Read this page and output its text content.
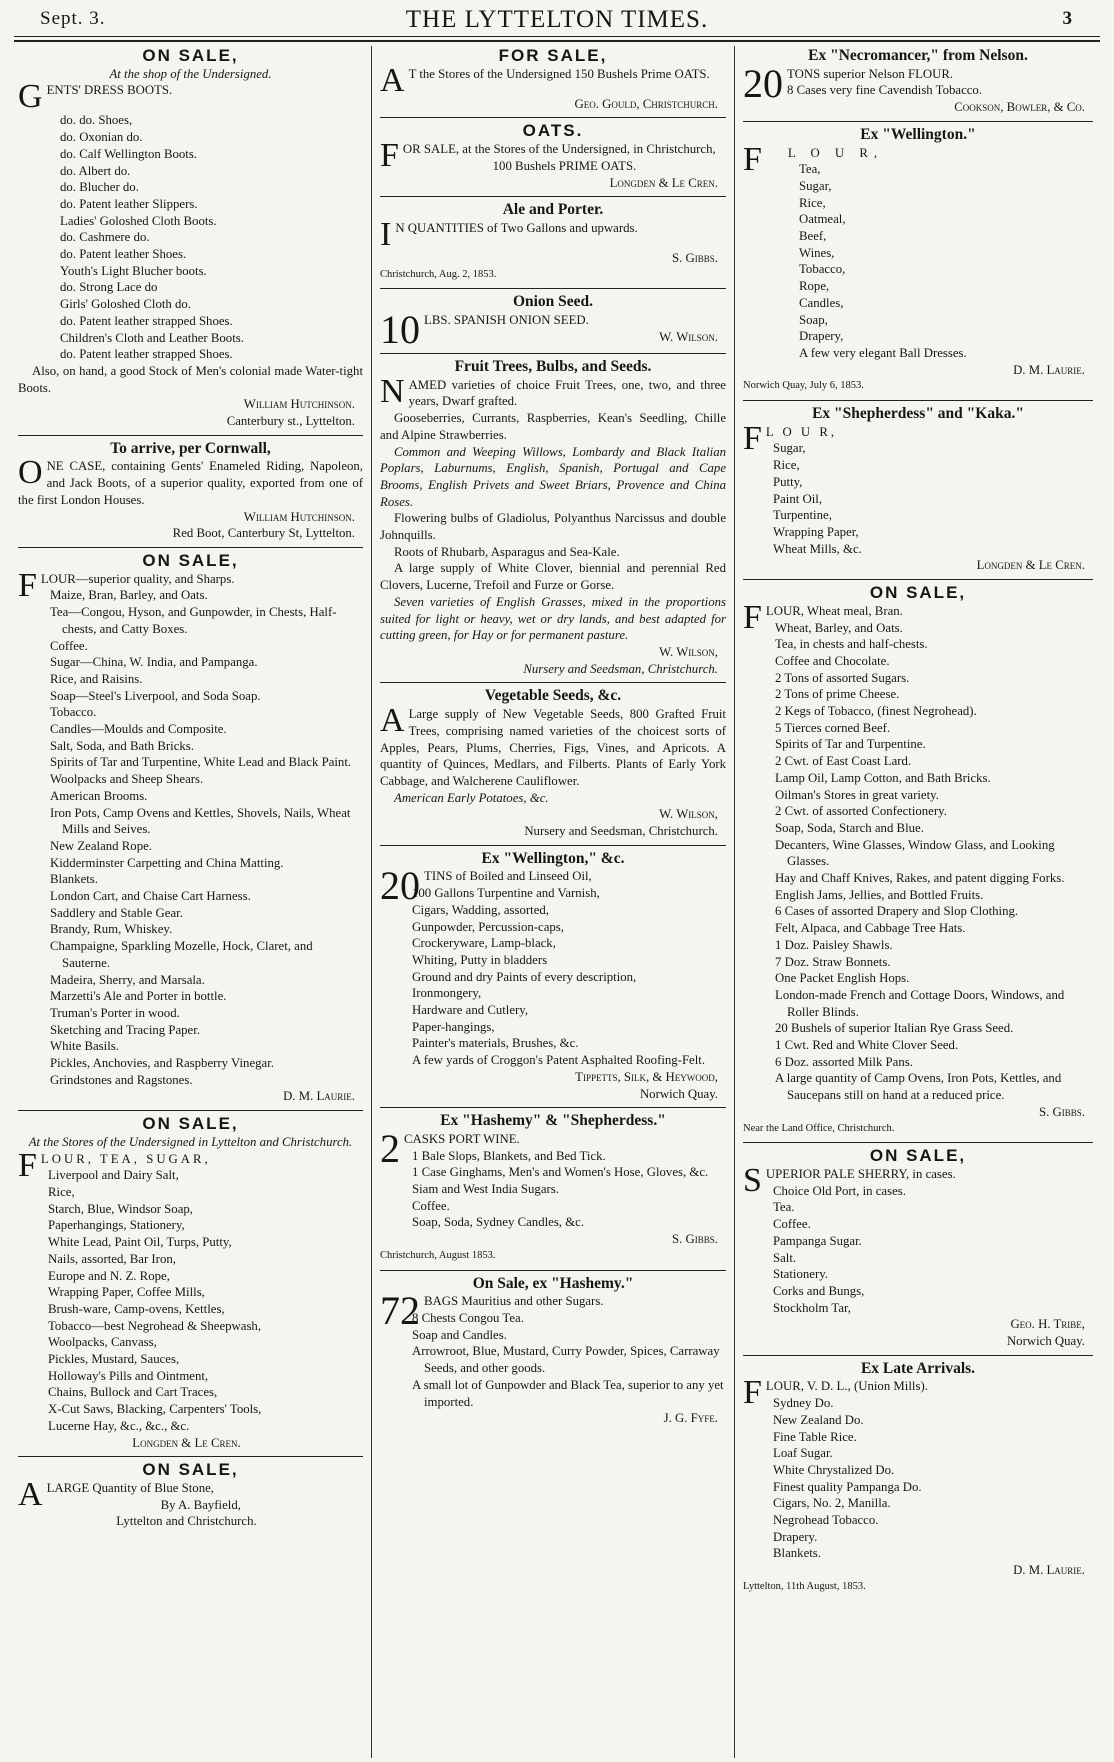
Sept. 3.	THE LYTTELTON TIMES.	3
ON SALE,

At the shop of the Undersigned.

GENTS' DRESS BOOTS.

do. do. Shoes,

do. Oxonian do.

do. Calf Wellington Boots.

do. Albert do.

do. Blucher do.

do. Patent leather Slippers.

Ladies' Goloshed Cloth Boots.

do. Cashmere do.

do. Patent leather Shoes.

Youth's Light Blucher boots.

do. Strong Lace do

Girls' Goloshed Cloth do.

do. Patent leather strapped Shoes.

Children's Cloth and Leather Boots.

do. Patent leather strapped Shoes.

Also, on hand, a good Stock of Men's colonial made Water-tight Boots.

William Hutchinson.

Canterbury st., Lyttelton.

To arrive, per Cornwall,

ONE CASE, containing Gents' Enameled Riding, Napoleon, and Jack Boots, of a superior quality, exported from one of the first London Houses.

William Hutchinson.

Red Boot, Canterbury St, Lyttelton.

ON SALE,

FLOUR—superior quality, and Sharps.

Maize, Bran, Barley, and Oats.

Tea—Congou, Hyson, and Gunpowder, in Chests, Half-chests, and Catty Boxes.

Coffee.

Sugar—China, W. India, and Pampanga.

Rice, and Raisins.

Soap—Steel's Liverpool, and Soda Soap.

Tobacco.

Candles—Moulds and Composite.

Salt, Soda, and Bath Bricks.

Spirits of Tar and Turpentine, White Lead and Black Paint.

Woolpacks and Sheep Shears.

American Brooms.

Iron Pots, Camp Ovens and Kettles, Shovels, Nails, Wheat Mills and Seives.

New Zealand Rope.

Kidderminster Carpetting and China Matting.

Blankets.

London Cart, and Chaise Cart Harness.

Saddlery and Stable Gear.

Brandy, Rum, Whiskey.

Champaigne, Sparkling Mozelle, Hock, Claret, and Sauterne.

Madeira, Sherry, and Marsala.

Marzetti's Ale and Porter in bottle.

Truman's Porter in wood.

Sketching and Tracing Paper.

White Basils.

Pickles, Anchovies, and Raspberry Vinegar.

Grindstones and Ragstones.

D. M. Laurie.

ON SALE,

At the Stores of the Undersigned in Lyttelton and Christchurch.

FLOUR, TEA, SUGAR,

Liverpool and Dairy Salt,

Rice,

Starch, Blue, Windsor Soap,

Paperhangings, Stationery,

White Lead, Paint Oil, Turps, Putty,

Nails, assorted, Bar Iron,

Europe and N. Z. Rope,

Wrapping Paper, Coffee Mills,

Brush-ware, Camp-ovens, Kettles,

Tobacco—best Negrohead & Sheepwash,

Woolpacks, Canvass,

Pickles, Mustard, Sauces,

Holloway's Pills and Ointment,

Chains, Bullock and Cart Traces,

X-Cut Saws, Blacking, Carpenters' Tools,

Lucerne Hay, &c., &c., &c.

Longden & Le Cren.

ON SALE,

ALARGE Quantity of Blue Stone,

By A. Bayfield,

Lyttelton and Christchurch.

FOR SALE,

A T the Stores of the Undersigned 150 Bushels Prime OATS.

Geo. Gould, Christchurch.

OATS.

FOR SALE, at the Stores of the Undersigned, in Christchurch,

100 Bushels PRIME OATS.

Longden & Le Cren.

Ale and Porter.

I N QUANTITIES of Two Gallons and upwards.

S. Gibbs.

Christchurch, Aug. 2, 1853.

Onion Seed.

10 LBS. SPANISH ONION SEED.

W. Wilson.

Fruit Trees, Bulbs, and Seeds.

NAMED varieties of choice Fruit Trees, one, two, and three years, Dwarf grafted.

Gooseberries, Currants, Raspberries, Kean's Seedling, Chille and Alpine Strawberries.

Common and Weeping Willows, Lombardy and Black Italian Poplars, Laburnums, English, Spanish, Portugal and Cape Brooms, English Privets and Sweet Briars, Provence and China Roses.

Flowering bulbs of Gladiolus, Polyanthus Narcissus and double Johnquills.

Roots of Rhubarb, Asparagus and Sea-Kale.

A large supply of White Clover, biennial and perennial Red Clovers, Lucerne, Trefoil and Furze or Gorse.

Seven varieties of English Grasses, mixed in the proportions suited for light or heavy, wet or dry lands, and best adapted for cutting green, for Hay or for permanent pasture.

W. Wilson,

Nursery and Seedsman, Christchurch.

Vegetable Seeds, &c.

A Large supply of New Vegetable Seeds, 800 Grafted Fruit Trees, comprising named varieties of the choicest sorts of Apples, Pears, Plums, Cherries, Figs, Vines, and Apricots. A quantity of Quinces, Medlars, and Filberts. Plants of Early York Cabbage, and Walcherene Cauliflower.

American Early Potatoes, &c.

W. Wilson,

Nursery and Seedsman, Christchurch.

Ex "Wellington," &c.

20 TINS of Boiled and Linseed Oil,

100 Gallons Turpentine and Varnish,

Cigars, Wadding, assorted,

Gunpowder, Percussion-caps,

Crockeryware, Lamp-black,

Whiting, Putty in bladders

Ground and dry Paints of every description,

Ironmongery,

Hardware and Cutlery,

Paper-hangings,

Painter's materials, Brushes, &c.

A few yards of Croggon's Patent Asphalted Roofing-Felt.

Tippetts, Silk, & Heywood,

Norwich Quay.

Ex "Hashemy" & "Shepherdess."

2 CASKS PORT WINE.

1 Bale Slops, Blankets, and Bed Tick.

1 Case Ginghams, Men's and Women's Hose, Gloves, &c.

Siam and West India Sugars.

Coffee.

Soap, Soda, Sydney Candles, &c.

S. Gibbs.

Christchurch, August 1853.

On Sale, ex "Hashemy."

72 BAGS Mauritius and other Sugars.

8 Chests Congou Tea.

Soap and Candles.

Arrowroot, Blue, Mustard, Curry Powder, Spices, Carraway Seeds, and other goods.

A small lot of Gunpowder and Black Tea, superior to any yet imported.

J. G. Fyfe.

Ex "Necromancer," from Nelson.

20 TONS superior Nelson FLOUR.

8 Cases very fine Cavendish Tobacco.

Cookson, Bowler, & Co.

Ex "Wellington."

F L O U R,

Tea,

Sugar,

Rice,

Oatmeal,

Beef,

Wines,

Tobacco,

Rope,

Candles,

Soap,

Drapery,

A few very elegant Ball Dresses.

D. M. Laurie.

Norwich Quay, July 6, 1853.

Ex "Shepherdess" and "Kaka."

F L O U R,

Sugar,

Rice,

Putty,

Paint Oil,

Turpentine,

Wrapping Paper,

Wheat Mills, &c.

Longden & Le Cren.

ON SALE,

FLOUR, Wheat meal, Bran.

Wheat, Barley, and Oats.

Tea, in chests and half-chests.

Coffee and Chocolate.

2 Tons of assorted Sugars.

2 Tons of prime Cheese.

2 Kegs of Tobacco, (finest Negrohead).

5 Tierces corned Beef.

Spirits of Tar and Turpentine.

2 Cwt. of East Coast Lard.

Lamp Oil, Lamp Cotton, and Bath Bricks.

Oilman's Stores in great variety.

2 Cwt. of assorted Confectionery.

Soap, Soda, Starch and Blue.

Decanters, Wine Glasses, Window Glass, and Looking Glasses.

Hay and Chaff Knives, Rakes, and patent digging Forks.

English Jams, Jellies, and Bottled Fruits.

6 Cases of assorted Drapery and Slop Clothing.

Felt, Alpaca, and Cabbage Tree Hats.

1 Doz. Paisley Shawls.

7 Doz. Straw Bonnets.

One Packet English Hops.

London-made French and Cottage Doors, Windows, and Roller Blinds.

20 Bushels of superior Italian Rye Grass Seed.

1 Cwt. Red and White Clover Seed.

6 Doz. assorted Milk Pans.

A large quantity of Camp Ovens, Iron Pots, Kettles, and Saucepans still on hand at a reduced price.

S. Gibbs.

Near the Land Office, Christchurch.

ON SALE,

SUPERIOR PALE SHERRY, in cases.

Choice Old Port, in cases.

Tea.

Coffee.

Pampanga Sugar.

Salt.

Stationery.

Corks and Bungs,

Stockholm Tar,

Geo. H. Tribe,

Norwich Quay.

Ex Late Arrivals.

FLOUR, V. D. L., (Union Mills).

Sydney Do.

New Zealand Do.

Fine Table Rice.

Loaf Sugar.

White Chrystalized Do.

Finest quality Pampanga Do.

Cigars, No. 2, Manilla.

Negrohead Tobacco.

Drapery.

Blankets.

D. M. Laurie.

Lyttelton, 11th August, 1853.
